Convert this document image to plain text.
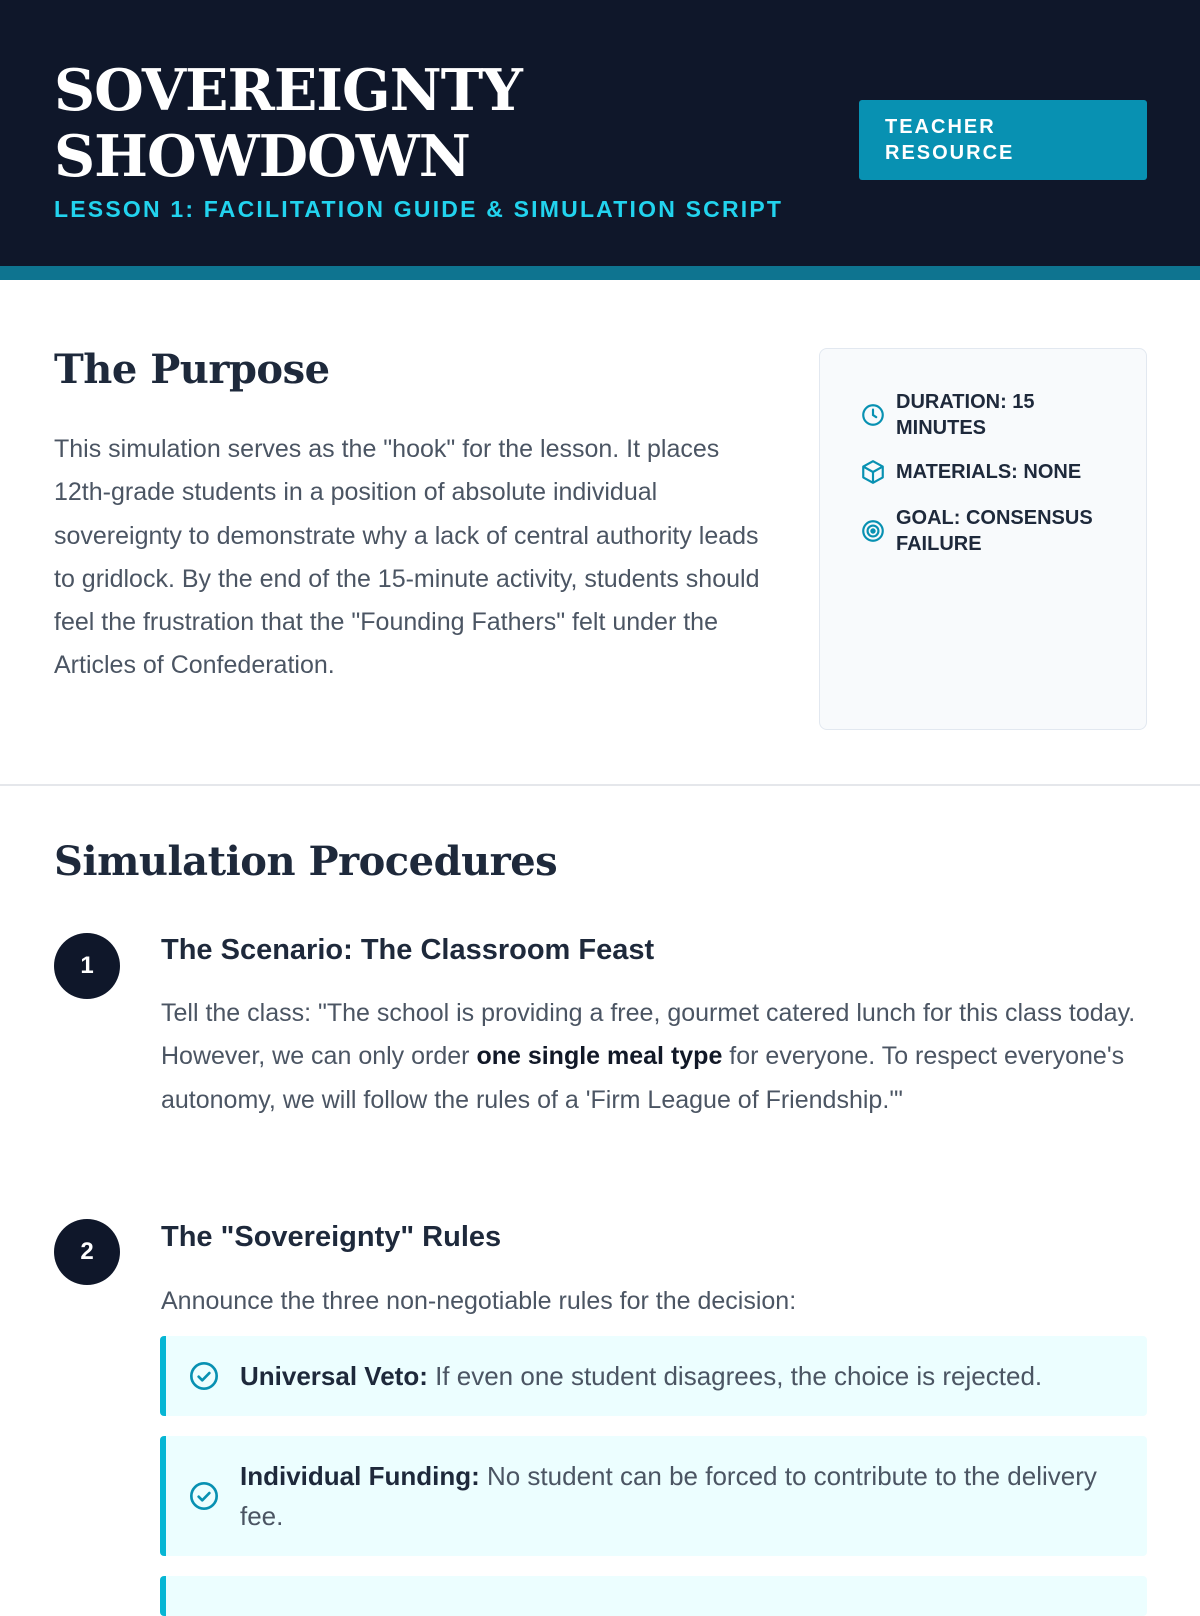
SOVEREIGNTY SHOWDOWN
LESSON 1: FACILITATION GUIDE & SIMULATION SCRIPT
TEACHER RESOURCE
The Purpose

This simulation serves as the "hook" for the lesson. It places 12th-grade students in a position of absolute individual sovereignty to demonstrate why a lack of central authority leads to gridlock. By the end of the 15-minute activity, students should feel the frustration that the "Founding Fathers" felt under the Articles of Confederation.

DURATION: 15 MINUTES
MATERIALS: NONE
GOAL: CONSENSUS FAILURE
Simulation Procedures
1	The Scenario: The Classroom Feast

Tell the class: "The school is providing a free, gourmet catered lunch for this class today. However, we can only order one single meal type for everyone. To respect everyone's autonomy, we will follow the rules of a 'Firm League of Friendship.'"

2	The "Sovereignty" Rules

Announce the three non-negotiable rules for the decision:

Universal Veto: If even one student disagrees, the choice is rejected.
Individual Funding: No student can be forced to contribute to the delivery fee.
